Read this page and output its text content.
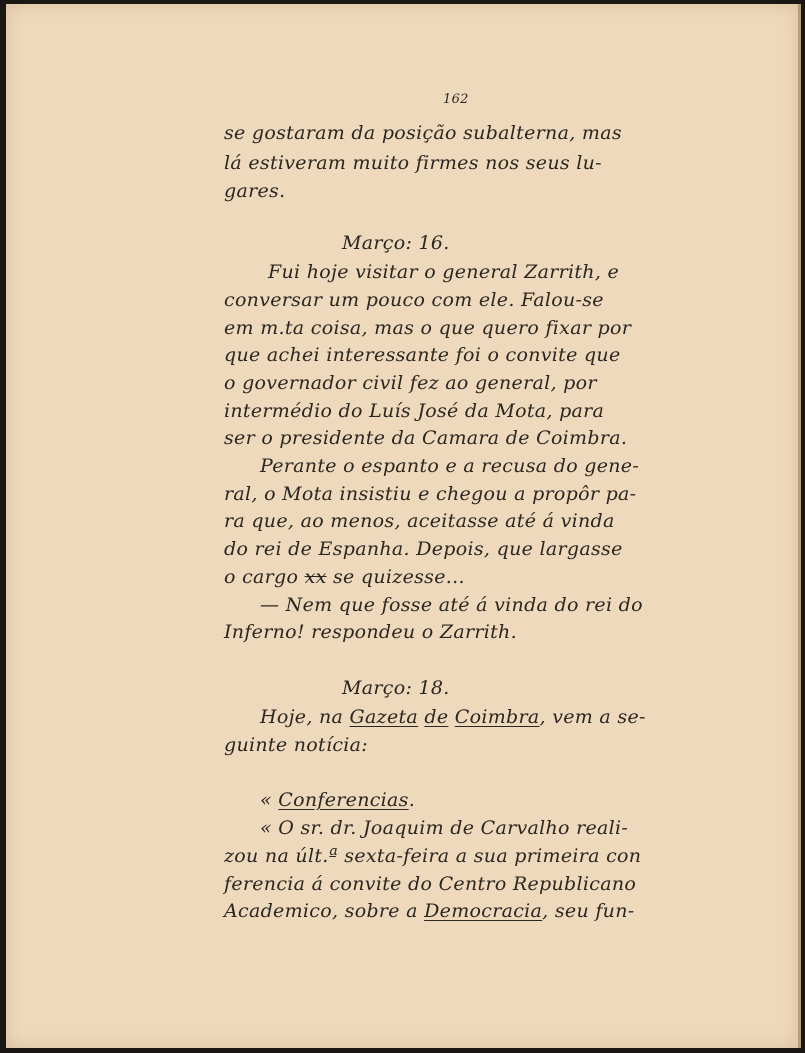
162
se gostaram da posição subalterna, mas
lá estiveram muito firmes nos seus lu-
gares.
Março: 16.
Fui hoje visitar o general Zarrith, e
conversar um pouco com ele. Falou-se
em m.ta coisa, mas o que quero fixar por
que achei interessante foi o convite que
o governador civil fez ao general, por
intermédio do Luís José da Mota, para
ser o presidente da Camara de Coimbra.
Perante o espanto e a recusa do gene-
ral, o Mota insistiu e chegou a propôr pa-
ra que, ao menos, aceitasse até á vinda
do rei de Espanha. Depois, que largasse
o cargo xx se quizesse...
— Nem que fosse até á vinda do rei do
Inferno! respondeu o Zarrith.
Março: 18.
Hoje, na Gazeta de Coimbra, vem a se-
guinte notícia:
« Conferencias.
« O sr. dr. Joaquim de Carvalho reali-
zou na últ.ª sexta-feira a sua primeira con
ferencia á convite do Centro Republicano
Academico, sobre a Democracia, seu fun-
